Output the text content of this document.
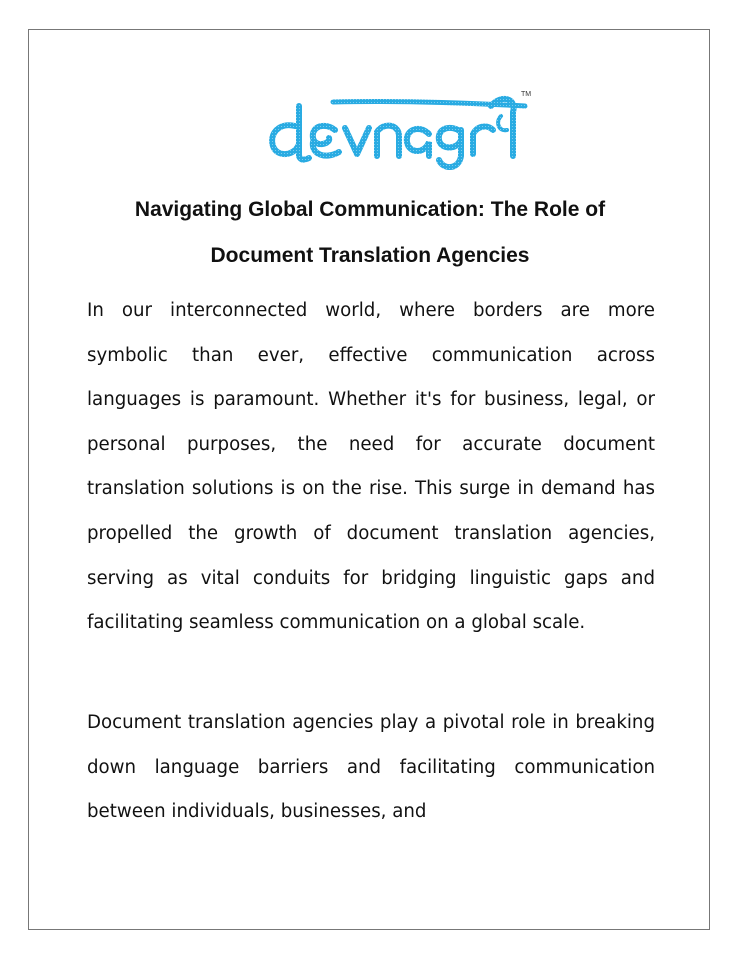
TM
Navigating Global Communication: The Role of
Document Translation Agencies

In our interconnected world, where borders are more symbolic than ever, effective communication across languages is paramount. Whether it's for business, legal, or personal purposes, the need for accurate document translation solutions is on the rise. This surge in demand has propelled the growth of document translation agencies, serving as vital conduits for bridging linguistic gaps and facilitating seamless communication on a global scale.

Document translation agencies play a pivotal role in breaking down language barriers and facilitating communication between individuals, businesses, and
